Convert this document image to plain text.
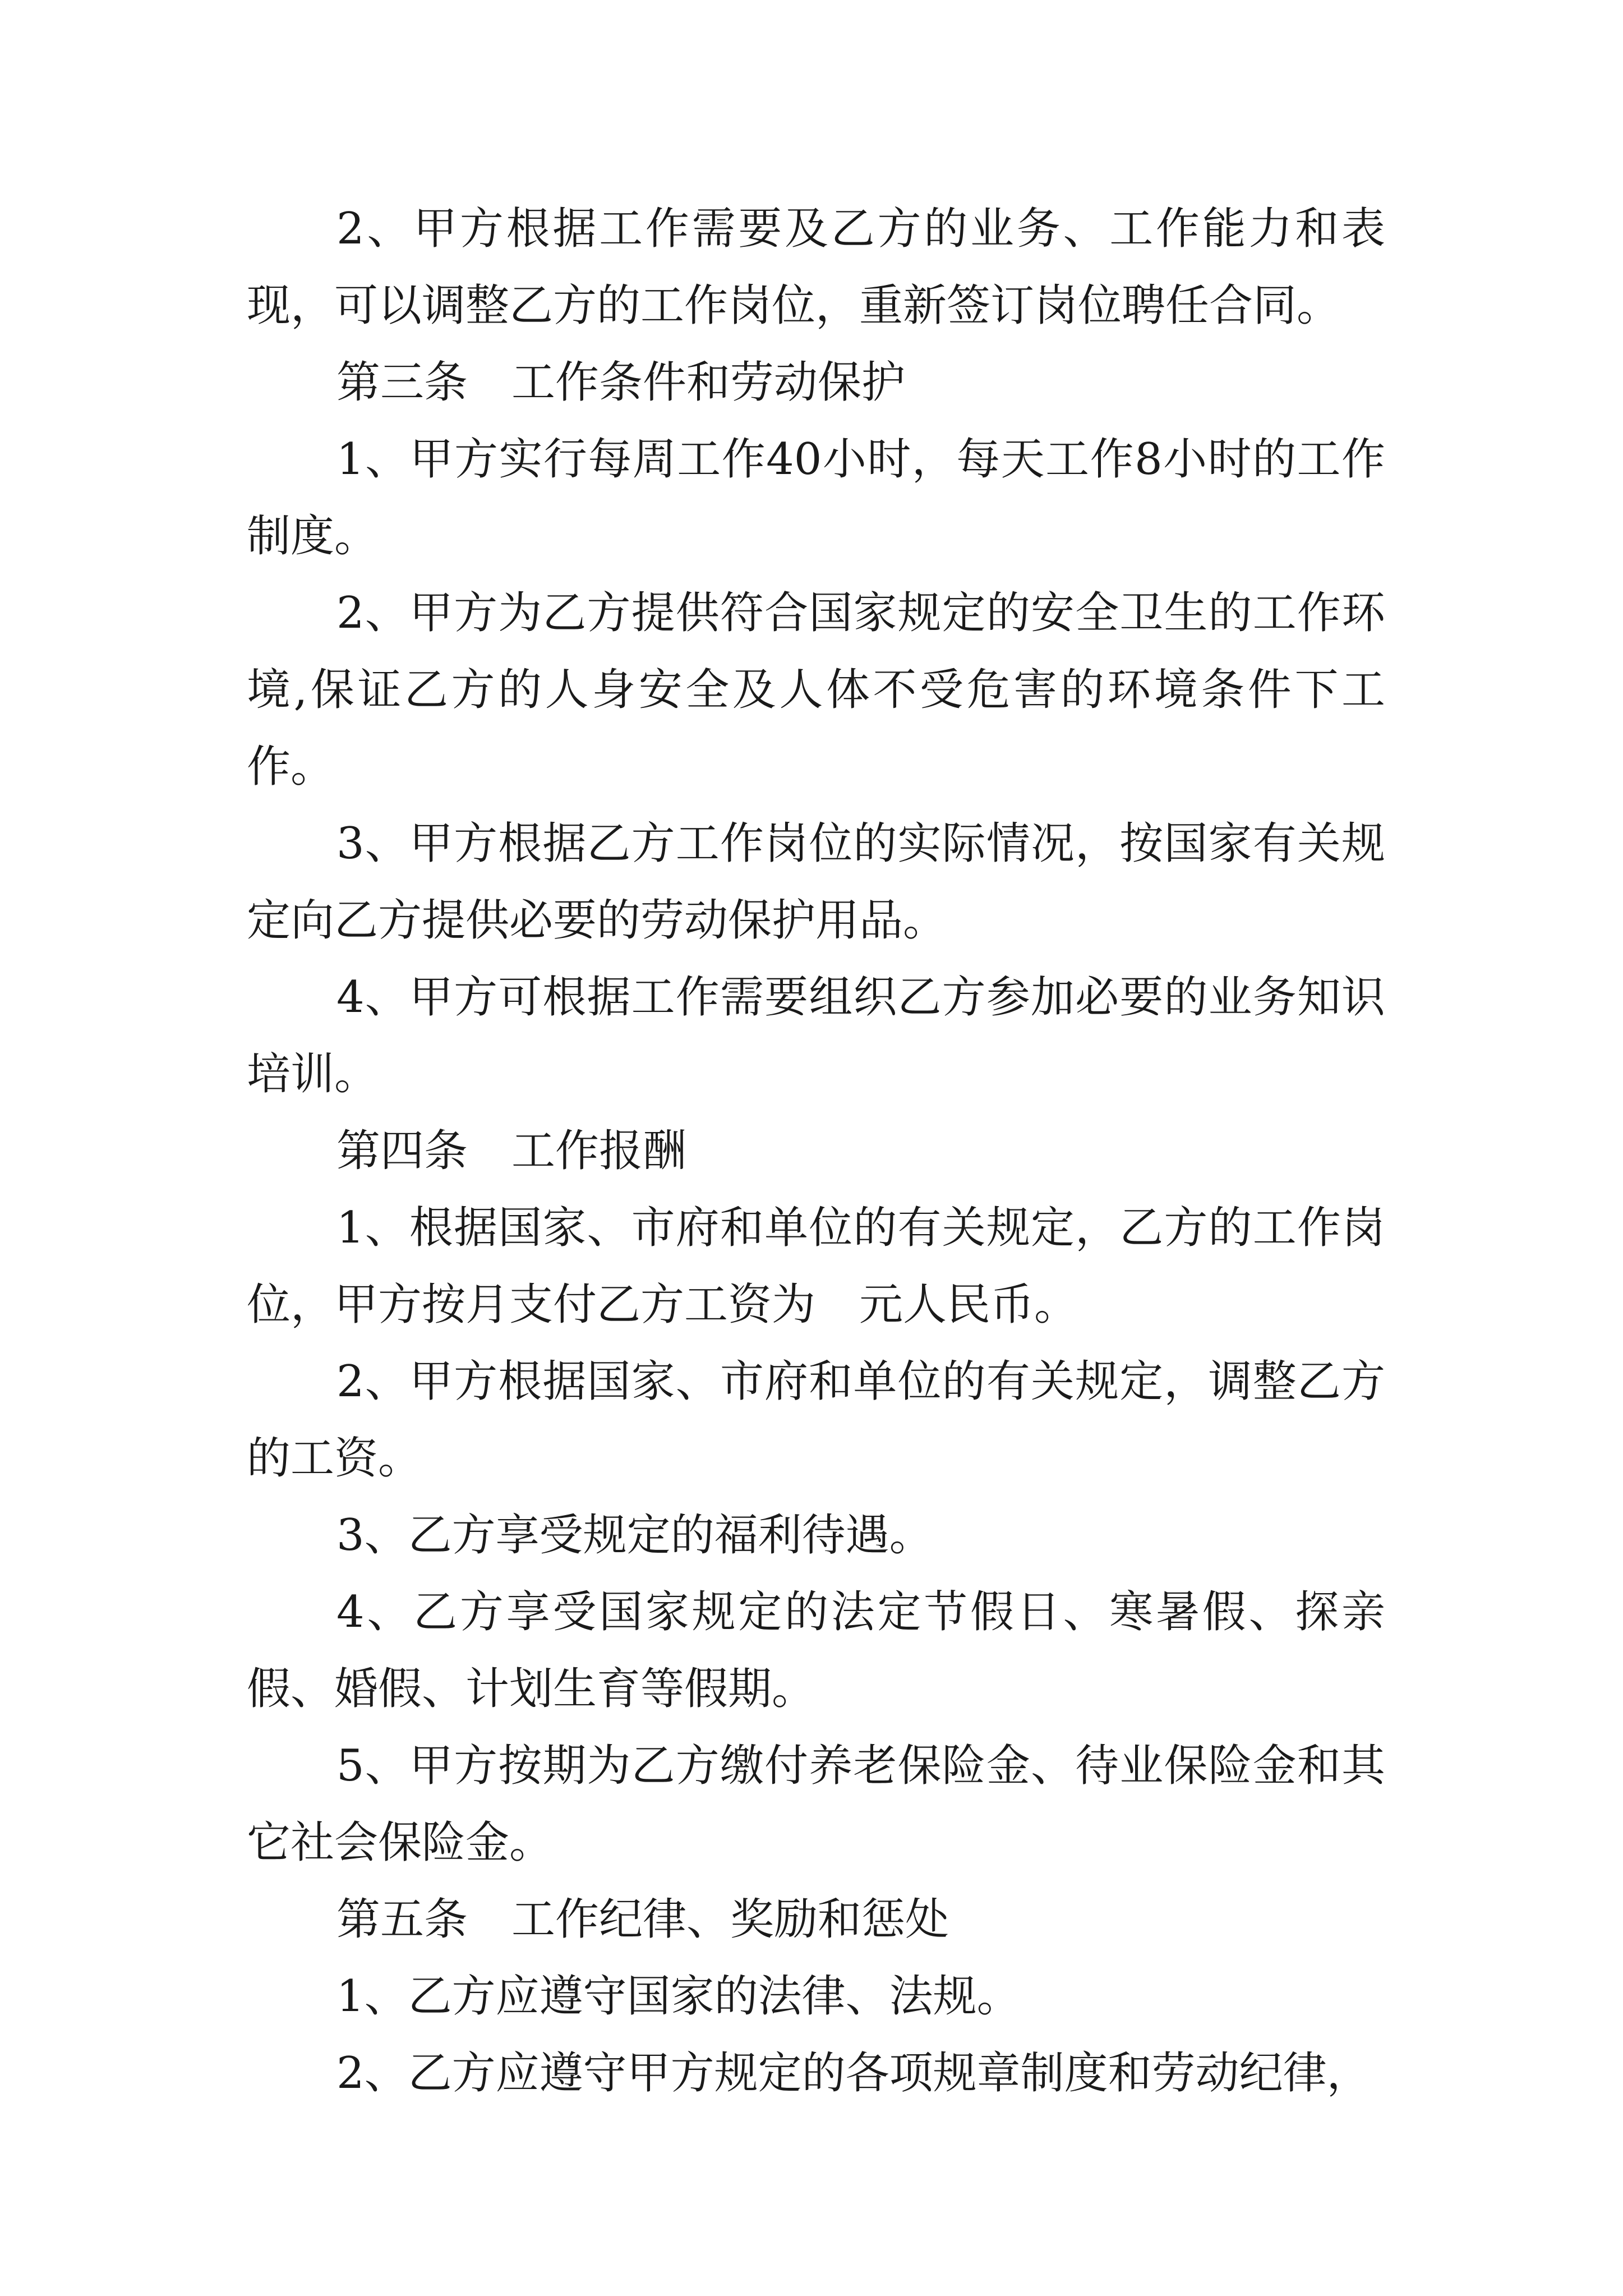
2、甲方根据工作需要及乙方的业务、工作能力和表现，可以调整乙方的工作岗位，重新签订岗位聘任合同。

第三条　工作条件和劳动保护

1、甲方实行每周工作40小时，每天工作8小时的工作制度。

2、甲方为乙方提供符合国家规定的安全卫生的工作环境,保证乙方的人身安全及人体不受危害的环境条件下工作。

3、甲方根据乙方工作岗位的实际情况，按国家有关规定向乙方提供必要的劳动保护用品。

4、甲方可根据工作需要组织乙方参加必要的业务知识培训。

第四条　工作报酬

1、根据国家、市府和单位的有关规定，乙方的工作岗位，甲方按月支付乙方工资为　元人民币。

2、甲方根据国家、市府和单位的有关规定，调整乙方的工资。

3、乙方享受规定的福利待遇。

4、乙方享受国家规定的法定节假日、寒暑假、探亲假、婚假、计划生育等假期。

5、甲方按期为乙方缴付养老保险金、待业保险金和其它社会保险金。

第五条　工作纪律、奖励和惩处

1、乙方应遵守国家的法律、法规。

2、乙方应遵守甲方规定的各项规章制度和劳动纪律，
